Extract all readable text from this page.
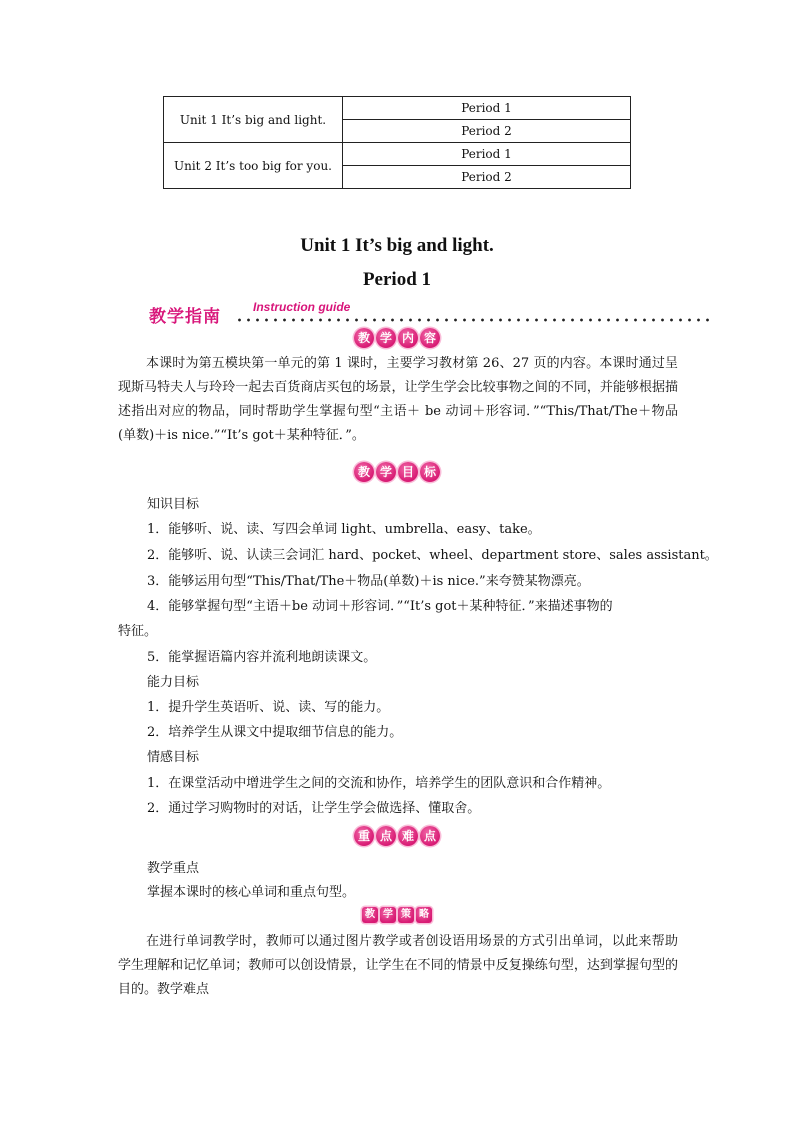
Unit 1 It’s big and light.	Period 1
	Period 2
Unit 2 It’s too big for you.	Period 1
	Period 2
Unit 1 It’s big and light.
Period 1
教学指南	Instruction guide
教 学 内 容
本课时为第五模块第一单元的第 1 课时，主要学习教材第 26、27 页的内容。本课时通过呈现斯马特夫人与玲玲一起去百货商店买包的场景，让学生学会比较事物之间的不同，并能够根据描述指出对应的物品，同时帮助学生掌握句型“主语＋ be 动词＋形容词．”“This/That/The＋物品(单数)＋is nice.”“It’s got＋某种特征．”。
教 学 目 标
知识目标
1．能够听、说、读、写四会单词 light、umbrella、easy、take。
2．能够听、说、认读三会词汇 hard、pocket、wheel、department store、sales assistant。
3．能够运用句型“This/That/The＋物品(单数)＋is nice.”来夸赞某物漂亮。
4．能够掌握句型“主语＋be 动词＋形容词．”“It’s got＋某种特征．”来描述事物的
特征。
5．能掌握语篇内容并流利地朗读课文。
能力目标
1．提升学生英语听、说、读、写的能力。
2．培养学生从课文中提取细节信息的能力。
情感目标
1．在课堂活动中增进学生之间的交流和协作，培养学生的团队意识和合作精神。
2．通过学习购物时的对话，让学生学会做选择、懂取舍。
重 点 难 点
教学重点
掌握本课时的核心单词和重点句型。
教 学 策 略
在进行单词教学时，教师可以通过图片教学或者创设语用场景的方式引出单词，以此来帮助学生理解和记忆单词；教师可以创设情景，让学生在不同的情景中反复操练句型，达到掌握句型的目的。教学难点
